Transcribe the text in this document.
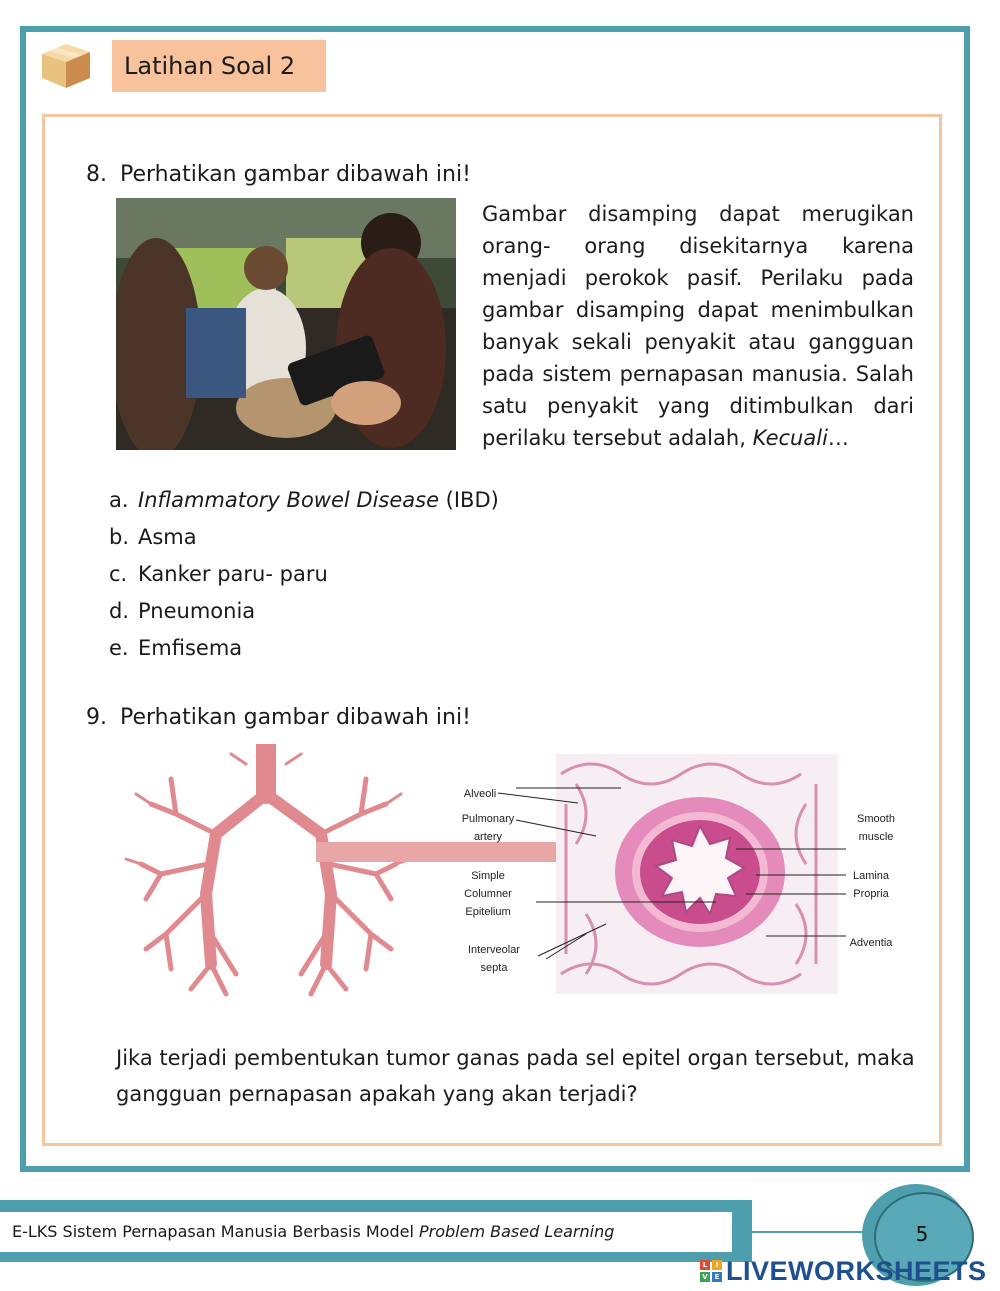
Latihan Soal 2
8. Perhatikan gambar dibawah ini!
Gambar disamping dapat merugikan orang- orang disekitarnya karena menjadi perokok pasif. Perilaku pada gambar disamping dapat menimbulkan banyak sekali penyakit atau gangguan pada sistem pernapasan manusia. Salah satu penyakit yang ditimbulkan dari perilaku tersebut adalah, Kecuali…
a. Inflammatory Bowel Disease (IBD)
b. Asma
c. Kanker paru- paru
d. Pneumonia
e. Emfisema
9. Perhatikan gambar dibawah ini!
Alveoli
Pulmonary
artery
Simple
Columner
Epitelium
Interveolar
septa
Smooth
muscle
Lamina
Propria
Adventia
Jika terjadi pembentukan tumor ganas pada sel epitel organ tersebut, maka gangguan pernapasan apakah yang akan terjadi?
E-LKS Sistem Pernapasan Manusia Berbasis Model Problem Based Learning	5
L	I
V E LIVEWORKSHEETS
